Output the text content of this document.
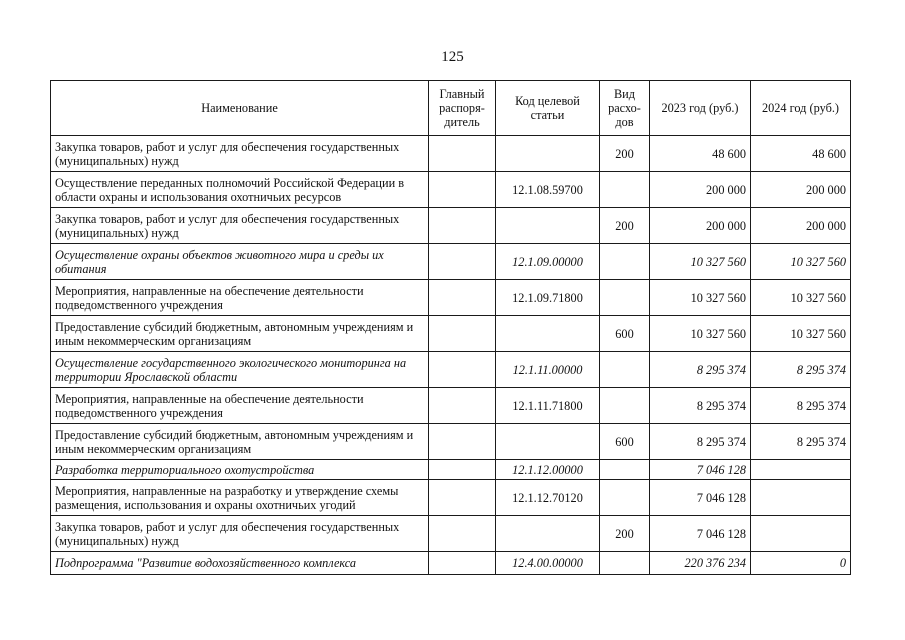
125
Наименование	Главный распоря-дитель	Код целевой статьи	Вид расхо-дов	2023 год (руб.)	2024 год (руб.)
Закупка товаров, работ и услуг для обеспечения государственных (муниципальных) нужд			200	48 600	48 600
Осуществление переданных полномочий Российской Федерации в области охраны и использования охотничьих ресурсов		12.1.08.59700		200 000	200 000
Закупка товаров, работ и услуг для обеспечения государственных (муниципальных) нужд			200	200 000	200 000
Осуществление охраны объектов животного мира и среды их обитания		12.1.09.00000		10 327 560	10 327 560
Мероприятия, направленные на обеспечение деятельности подведомственного учреждения		12.1.09.71800		10 327 560	10 327 560
Предоставление субсидий бюджетным, автономным учреждениям и иным некоммерческим организациям			600	10 327 560	10 327 560
Осуществление государственного экологического мониторинга на территории Ярославской области		12.1.11.00000		8 295 374	8 295 374
Мероприятия, направленные на обеспечение деятельности подведомственного учреждения		12.1.11.71800		8 295 374	8 295 374
Предоставление субсидий бюджетным, автономным учреждениям и иным некоммерческим организациям			600	8 295 374	8 295 374
Разработка территориального охотустройства		12.1.12.00000		7 046 128	
Мероприятия, направленные на разработку и утверждение схемы размещения, использования и охраны охотничьих угодий		12.1.12.70120		7 046 128	
Закупка товаров, работ и услуг для обеспечения государственных (муниципальных) нужд			200	7 046 128	
Подпрограмма "Развитие водохозяйственного комплекса		12.4.00.00000		220 376 234	0
